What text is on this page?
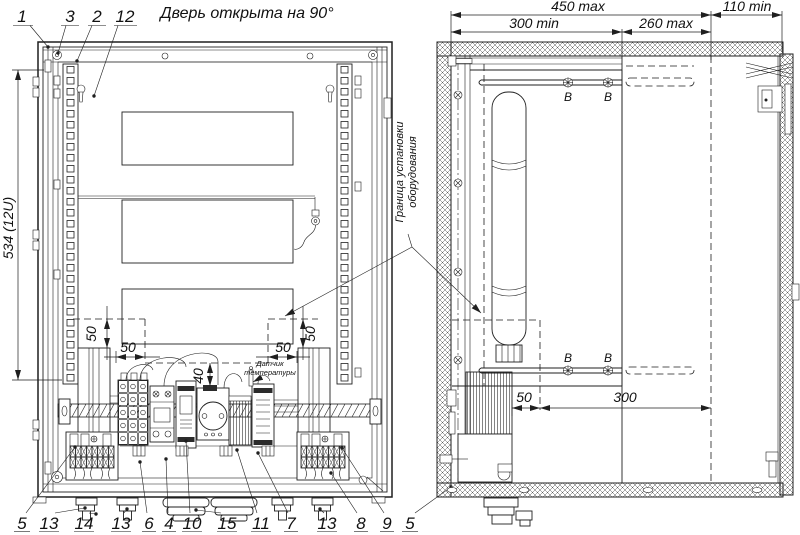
Дверь открыта на 90°
534 (12U)
50	50
50	50
40
Датчик
температуры
1 3 2 12
5 13 14 13 6 4 10 15 11 7 13 8 9 5
В	В
В	В
450 max	110 min
300 min	260 max
50	300
Граница установки оборудования
